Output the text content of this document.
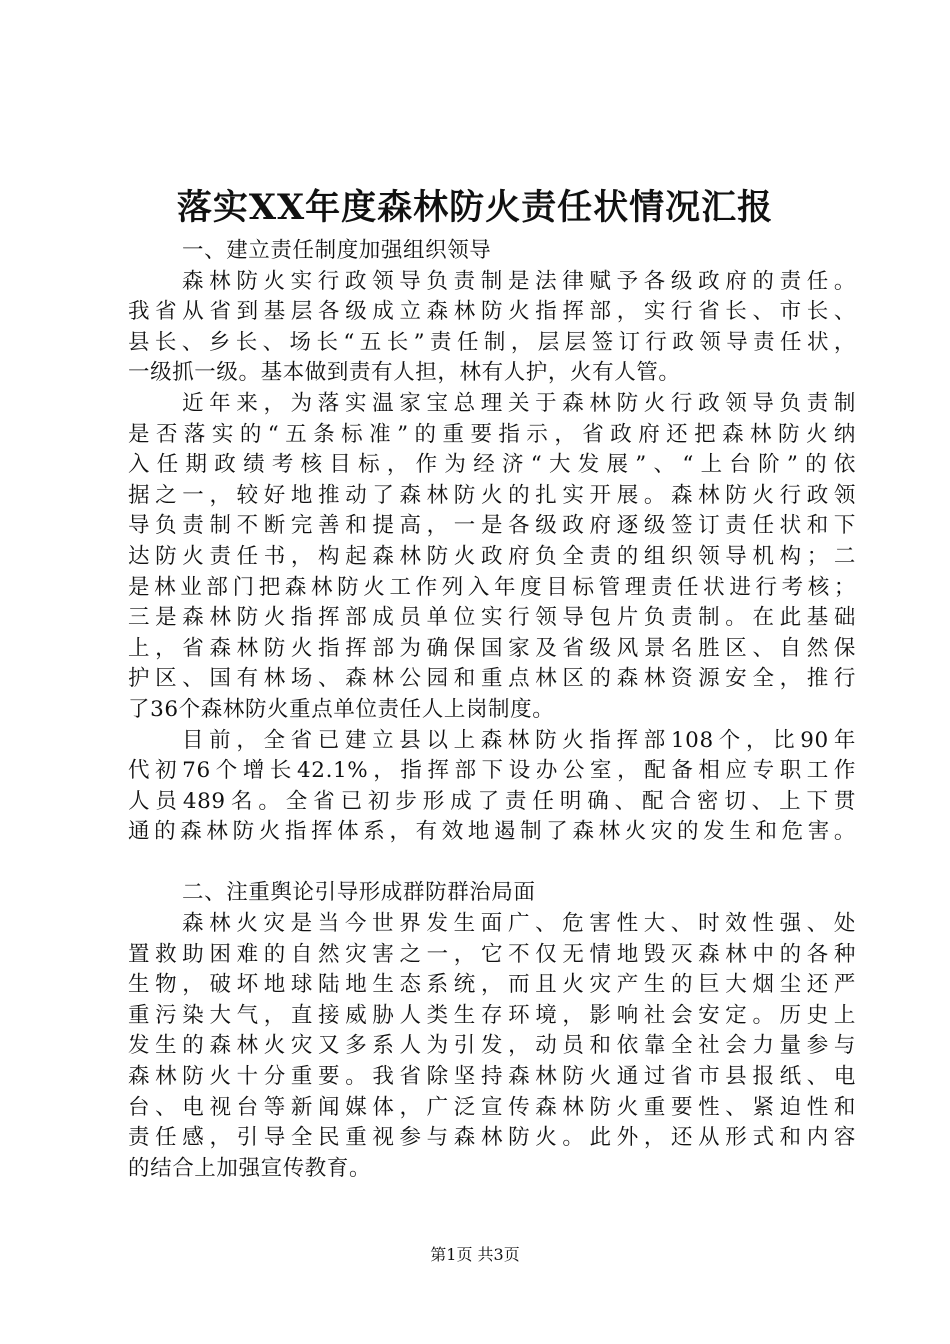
落实XX年度森林防火责任状情况汇报
一、建立责任制度加强组织领导
森林防火实行政领导负责制是法律赋予各级政府的责任。
我省从省到基层各级成立森林防火指挥部，实行省长、市长、
县长、乡长、场长“五长”责任制，层层签订行政领导责任状，
一级抓一级。基本做到责有人担，林有人护，火有人管。
近年来，为落实温家宝总理关于森林防火行政领导负责制
是否落实的“五条标准”的重要指示，省政府还把森林防火纳
入任期政绩考核目标，作为经济“大发展”、“上台阶”的依
据之一，较好地推动了森林防火的扎实开展。森林防火行政领
导负责制不断完善和提高，一是各级政府逐级签订责任状和下
达防火责任书，构起森林防火政府负全责的组织领导机构；二
是林业部门把森林防火工作列入年度目标管理责任状进行考核；
三是森林防火指挥部成员单位实行领导包片负责制。在此基础
上，省森林防火指挥部为确保国家及省级风景名胜区、自然保
护区、国有林场、森林公园和重点林区的森林资源安全，推行
了36个森林防火重点单位责任人上岗制度。
目前，全省已建立县以上森林防火指挥部108个，比90年
代初76个增长42.1%，指挥部下设办公室，配备相应专职工作
人员489名。全省已初步形成了责任明确、配合密切、上下贯
通的森林防火指挥体系，有效地遏制了森林火灾的发生和危害。
二、注重舆论引导形成群防群治局面
森林火灾是当今世界发生面广、危害性大、时效性强、处
置救助困难的自然灾害之一，它不仅无情地毁灭森林中的各种
生物，破坏地球陆地生态系统，而且火灾产生的巨大烟尘还严
重污染大气，直接威胁人类生存环境，影响社会安定。历史上
发生的森林火灾又多系人为引发，动员和依靠全社会力量参与
森林防火十分重要。我省除坚持森林防火通过省市县报纸、电
台、电视台等新闻媒体，广泛宣传森林防火重要性、紧迫性和
责任感，引导全民重视参与森林防火。此外，还从形式和内容
的结合上加强宣传教育。
第1页 共3页
